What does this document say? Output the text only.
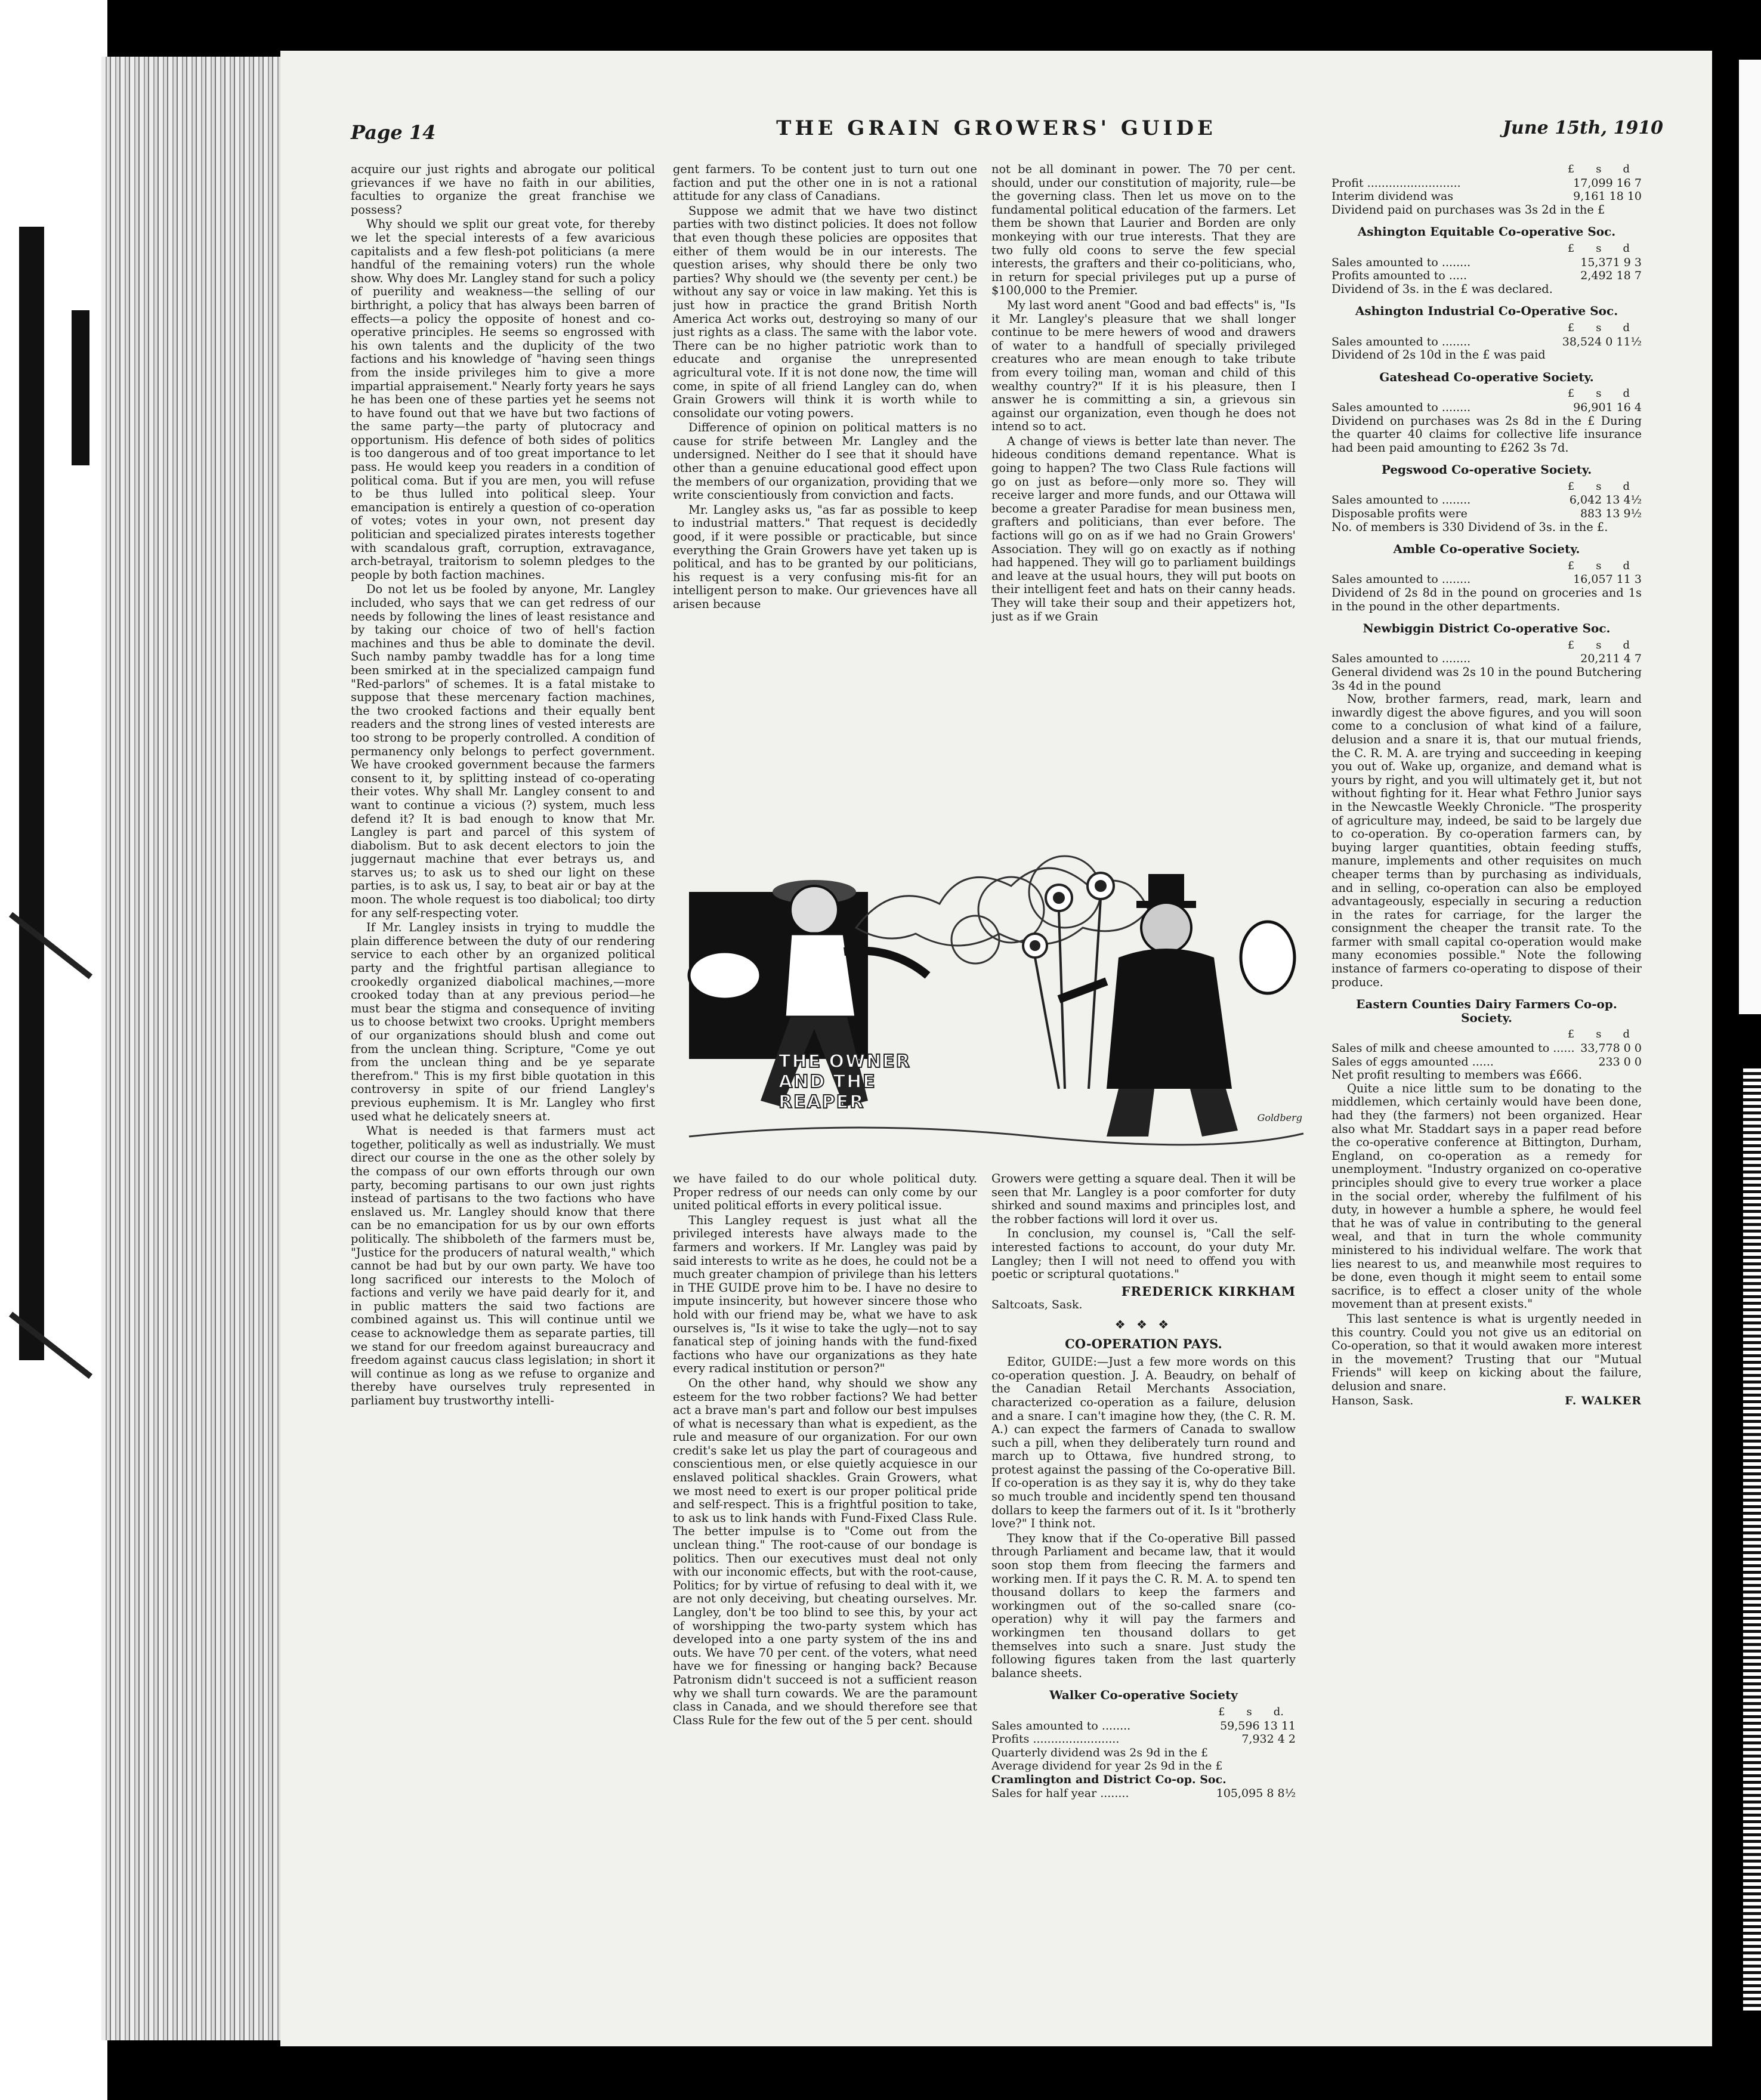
Page 14	THE GRAIN GROWERS' GUIDE	June 15th, 1910

acquire our just rights and abrogate our political grievances if we have no faith in our abilities, faculties to organize the great franchise we possess?

Why should we split our great vote, for thereby we let the special interests of a few avaricious capitalists and a few flesh-pot politicians (a mere handful of the remaining voters) run the whole show. Why does Mr. Langley stand for such a policy of puerility and weakness—the selling of our birthright, a policy that has always been barren of effects—a policy the opposite of honest and co-operative principles. He seems so engrossed with his own talents and the duplicity of the two factions and his knowledge of "having seen things from the inside privileges him to give a more impartial appraisement." Nearly forty years he says he has been one of these parties yet he seems not to have found out that we have but two factions of the same party—the party of plutocracy and opportunism. His defence of both sides of politics is too dangerous and of too great importance to let pass. He would keep you readers in a condition of political coma. But if you are men, you will refuse to be thus lulled into political sleep. Your emancipation is entirely a question of co-operation of votes; votes in your own, not present day politician and specialized pirates interests together with scandalous graft, corruption, extravagance, arch-betrayal, traitorism to solemn pledges to the people by both faction machines.

Do not let us be fooled by anyone, Mr. Langley included, who says that we can get redress of our needs by following the lines of least resistance and by taking our choice of two of hell's faction machines and thus be able to dominate the devil. Such namby pamby twaddle has for a long time been smirked at in the specialized campaign fund "Red-parlors" of schemes. It is a fatal mistake to suppose that these mercenary faction machines, the two crooked factions and their equally bent readers and the strong lines of vested interests are too strong to be properly controlled. A condition of permanency only belongs to perfect government. We have crooked government because the farmers consent to it, by splitting instead of co-operating their votes. Why shall Mr. Langley consent to and want to continue a vicious (?) system, much less defend it? It is bad enough to know that Mr. Langley is part and parcel of this system of diabolism. But to ask decent electors to join the juggernaut machine that ever betrays us, and starves us; to ask us to shed our light on these parties, is to ask us, I say, to beat air or bay at the moon. The whole request is too diabolical; too dirty for any self-respecting voter.

If Mr. Langley insists in trying to muddle the plain difference between the duty of our rendering service to each other by an organized political party and the frightful partisan allegiance to crookedly organized diabolical machines,—more crooked today than at any previous period—he must bear the stigma and consequence of inviting us to choose betwixt two crooks. Upright members of our organizations should blush and come out from the unclean thing. Scripture, "Come ye out from the unclean thing and be ye separate therefrom." This is my first bible quotation in this controversy in spite of our friend Langley's previous euphemism. It is Mr. Langley who first used what he delicately sneers at.

What is needed is that farmers must act together, politically as well as industrially. We must direct our course in the one as the other solely by the compass of our own efforts through our own party, becoming partisans to our own just rights instead of partisans to the two factions who have enslaved us. Mr. Langley should know that there can be no emancipation for us by our own efforts politically. The shibboleth of the farmers must be, "Justice for the producers of natural wealth," which cannot be had but by our own party. We have too long sacrificed our interests to the Moloch of factions and verily we have paid dearly for it, and in public matters the said two factions are combined against us. This will continue until we cease to acknowledge them as separate parties, till we stand for our freedom against bureaucracy and freedom against caucus class legislation; in short it will continue as long as we refuse to organize and thereby have ourselves truly represented in parliament buy trustworthy intelli-

gent farmers. To be content just to turn out one faction and put the other one in is not a rational attitude for any class of Canadians.

Suppose we admit that we have two distinct parties with two distinct policies. It does not follow that even though these policies are opposites that either of them would be in our interests. The question arises, why should there be only two parties? Why should we (the seventy per cent.) be without any say or voice in law making. Yet this is just how in practice the grand British North America Act works out, destroying so many of our just rights as a class. The same with the labor vote. There can be no higher patriotic work than to educate and organise the unrepresented agricultural vote. If it is not done now, the time will come, in spite of all friend Langley can do, when Grain Growers will think it is worth while to consolidate our voting powers.

Difference of opinion on political matters is no cause for strife between Mr. Langley and the undersigned. Neither do I see that it should have other than a genuine educational good effect upon the members of our organization, providing that we write conscientiously from conviction and facts.

Mr. Langley asks us, "as far as possible to keep to industrial matters." That request is decidedly good, if it were possible or practicable, but since everything the Grain Growers have yet taken up is political, and has to be granted by our politicians, his request is a very confusing mis-fit for an intelligent person to make. Our grievences have all arisen because

not be all dominant in power. The 70 per cent. should, under our constitution of majority, rule—be the governing class. Then let us move on to the fundamental political education of the farmers. Let them be shown that Laurier and Borden are only monkeying with our true interests. That they are two fully old coons to serve the few special interests, the grafters and their co-politicians, who, in return for special privileges put up a purse of $100,000 to the Premier.

My last word anent "Good and bad effects" is, "Is it Mr. Langley's pleasure that we shall longer continue to be mere hewers of wood and drawers of water to a handfull of specially privileged creatures who are mean enough to take tribute from every toiling man, woman and child of this wealthy country?" If it is his pleasure, then I answer he is committing a sin, a grievous sin against our organization, even though he does not intend so to act.

A change of views is better late than never. The hideous conditions demand repentance. What is going to happen? The two Class Rule factions will go on just as before—only more so. They will receive larger and more funds, and our Ottawa will become a greater Paradise for mean business men, grafters and politicians, than ever before. The factions will go on as if we had no Grain Growers' Association. They will go on exactly as if nothing had happened. They will go to parliament buildings and leave at the usual hours, they will put boots on their intelligent feet and hats on their canny heads. They will take their soup and their appetizers hot, just as if we Grain

THE OWNER
AND THE
REAPER
Goldberg

we have failed to do our whole political duty. Proper redress of our needs can only come by our united political efforts in every political issue.

This Langley request is just what all the privileged interests have always made to the farmers and workers. If Mr. Langley was paid by said interests to write as he does, he could not be a much greater champion of privilege than his letters in THE GUIDE prove him to be. I have no desire to impute insincerity, but however sincere those who hold with our friend may be, what we have to ask ourselves is, "Is it wise to take the ugly—not to say fanatical step of joining hands with the fund-fixed factions who have our organizations as they hate every radical institution or person?"

On the other hand, why should we show any esteem for the two robber factions? We had better act a brave man's part and follow our best impulses of what is necessary than what is expedient, as the rule and measure of our organization. For our own credit's sake let us play the part of courageous and conscientious men, or else quietly acquiesce in our enslaved political shackles. Grain Growers, what we most need to exert is our proper political pride and self-respect. This is a frightful position to take, to ask us to link hands with Fund-Fixed Class Rule. The better impulse is to "Come out from the unclean thing." The root-cause of our bondage is politics. Then our executives must deal not only with our inconomic effects, but with the root-cause, Politics; for by virtue of refusing to deal with it, we are not only deceiving, but cheating ourselves. Mr. Langley, don't be too blind to see this, by your act of worshipping the two-party system which has developed into a one party system of the ins and outs. We have 70 per cent. of the voters, what need have we for finessing or hanging back? Because Patronism didn't succeed is not a sufficient reason why we shall turn cowards. We are the paramount class in Canada, and we should therefore see that Class Rule for the few out of the 5 per cent. should

Growers were getting a square deal. Then it will be seen that Mr. Langley is a poor comforter for duty shirked and sound maxims and principles lost, and the robber factions will lord it over us.

In conclusion, my counsel is, "Call the self-interested factions to account, do your duty Mr. Langley; then I will not need to offend you with poetic or scriptural quotations."

FREDERICK KIRKHAM
Saltcoats, Sask.
❖ ❖ ❖
CO-OPERATION PAYS.

Editor, GUIDE:—Just a few more words on this co-operation question. J. A. Beaudry, on behalf of the Canadian Retail Merchants Association, characterized co-operation as a failure, delusion and a snare. I can't imagine how they, (the C. R. M. A.) can expect the farmers of Canada to swallow such a pill, when they deliberately turn round and march up to Ottawa, five hundred strong, to protest against the passing of the Co-operative Bill. If co-operation is as they say it is, why do they take so much trouble and incidently spend ten thousand dollars to keep the farmers out of it. Is it "brotherly love?" I think not.

They know that if the Co-operative Bill passed through Parliament and became law, that it would soon stop them from fleecing the farmers and working men. If it pays the C. R. M. A. to spend ten thousand dollars to keep the farmers and workingmen out of the so-called snare (co-operation) why it will pay the farmers and workingmen ten thousand dollars to get themselves into such a snare. Just study the following figures taken from the last quarterly balance sheets.

Walker Co-operative Society
£ s d.
Sales amounted to ........	59,596 13 11
Profits ........................	7,932 4 2
Quarterly dividend was 2s 9d in the £
Average dividend for year 2s 9d in the £
Cramlington and District Co-op. Soc.
Sales for half year ........	105,095 8 8½
£ s d
Profit ..........................	17,099 16 7
Interim dividend was	9,161 18 10
Dividend paid on purchases was 3s 2d in the £
Ashington Equitable Co-operative Soc.
£ s d
Sales amounted to ........	15,371 9 3
Profits amounted to .....	2,492 18 7
Dividend of 3s. in the £ was declared.
Ashington Industrial Co-Operative Soc.
£ s d
Sales amounted to ........	38,524 0 11½
Dividend of 2s 10d in the £ was paid
Gateshead Co-operative Society.
£ s d
Sales amounted to ........	96,901 16 4
Dividend on purchases was 2s 8d in the £ During the quarter 40 claims for collective life insurance had been paid amounting to £262 3s 7d.
Pegswood Co-operative Society.
£ s d
Sales amounted to ........	6,042 13 4½
Disposable profits were	883 13 9½
No. of members is 330 Dividend of 3s. in the £.
Amble Co-operative Society.
£ s d
Sales amounted to ........	16,057 11 3
Dividend of 2s 8d in the pound on groceries and 1s in the pound in the other departments.
Newbiggin District Co-operative Soc.
£ s d
Sales amounted to ........	20,211 4 7
General dividend was 2s 10 in the pound Butchering 3s 4d in the pound

Now, brother farmers, read, mark, learn and inwardly digest the above figures, and you will soon come to a conclusion of what kind of a failure, delusion and a snare it is, that our mutual friends, the C. R. M. A. are trying and succeeding in keeping you out of. Wake up, organize, and demand what is yours by right, and you will ultimately get it, but not without fighting for it. Hear what Fethro Junior says in the Newcastle Weekly Chronicle. "The prosperity of agriculture may, indeed, be said to be largely due to co-operation. By co-operation farmers can, by buying larger quantities, obtain feeding stuffs, manure, implements and other requisites on much cheaper terms than by purchasing as individuals, and in selling, co-operation can also be employed advantageously, especially in securing a reduction in the rates for carriage, for the larger the consignment the cheaper the transit rate. To the farmer with small capital co-operation would make many economies possible." Note the following instance of farmers co-operating to dispose of their produce.

Eastern Counties Dairy Farmers Co-op. Society.
£ s d
Sales of milk and cheese amounted to ...... 33,778 0 0
Sales of eggs amounted ......	233 0 0
Net profit resulting to members was £666.

Quite a nice little sum to be donating to the middlemen, which certainly would have been done, had they (the farmers) not been organized. Hear also what Mr. Staddart says in a paper read before the co-operative conference at Bittington, Durham, England, on co-operation as a remedy for unemployment. "Industry organized on co-operative principles should give to every true worker a place in the social order, whereby the fulfilment of his duty, in however a humble a sphere, he would feel that he was of value in contributing to the general weal, and that in turn the whole community ministered to his individual welfare. The work that lies nearest to us, and meanwhile most requires to be done, even though it might seem to entail some sacrifice, is to effect a closer unity of the whole movement than at present exists."

This last sentence is what is urgently needed in this country. Could you not give us an editorial on Co-operation, so that it would awaken more interest in the movement? Trusting that our "Mutual Friends" will keep on kicking about the failure, delusion and snare.

Hanson, Sask.	F. WALKER
